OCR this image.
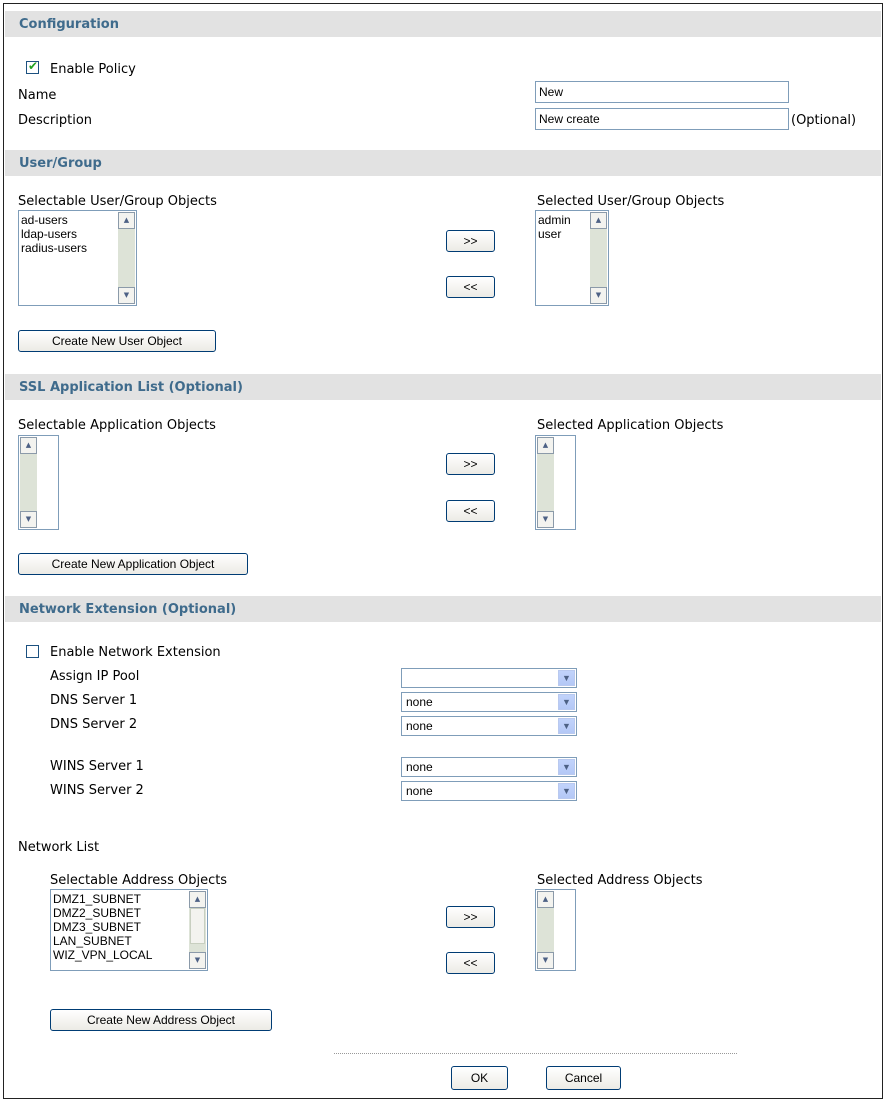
Configuration
✔ Enable Policy
Name	New
Description	New create	(Optional)
User/Group
Selectable User/Group Objects
ad-users
ldap-users
radius-users
▲
▼
>>
<<
Selected User/Group Objects
admin
user
▲
▼
Create New User Object
SSL Application List (Optional)
Selectable Application Objects
▲
▼
>>
<<
Selected Application Objects
▲
▼
Create New Application Object
Network Extension (Optional)
Enable Network Extension
Assign IP Pool	▼
DNS Server 1	none	▼
DNS Server 2	none	▼
WINS Server 1	none	▼
WINS Server 2	none	▼
Network List
Selectable Address Objects
DMZ1_SUBNET
DMZ2_SUBNET
DMZ3_SUBNET
LAN_SUBNET
WIZ_VPN_LOCAL
▲
▼
>>
<<
Selected Address Objects
▲
▼
Create New Address Object
OK	Cancel
